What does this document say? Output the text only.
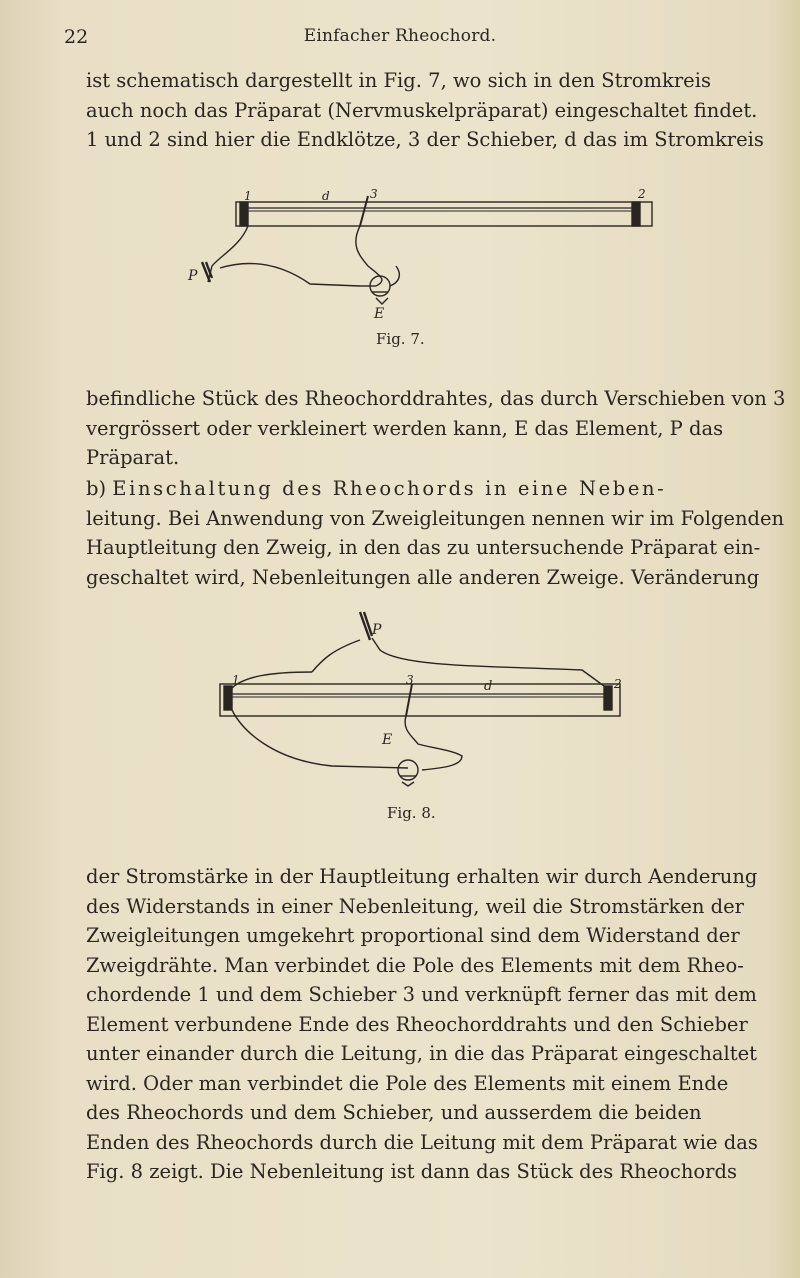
22	Einfacher Rheochord.

ist schematisch dargestellt in Fig. 7, wo sich in den Stromkreis
auch noch das Präparat (Nervmuskelpräparat) eingeschaltet findet.
1 und 2 sind hier die Endklötze, 3 der Schieber, d das im Stromkreis

1	d	3	2
P
E
Fig. 7.

befindliche Stück des Rheochorddrahtes, das durch Verschieben von 3
vergrössert oder verkleinert werden kann, E das Element, P das
Präparat.

b) Einschaltung des Rheochords in eine Neben-
leitung. Bei Anwendung von Zweigleitungen nennen wir im Folgenden
Hauptleitung den Zweig, in den das zu untersuchende Präparat ein-
geschaltet wird, Nebenleitungen alle anderen Zweige. Veränderung

1	3	d	2
P
E
Fig. 8.

der Stromstärke in der Hauptleitung erhalten wir durch Aenderung
des Widerstands in einer Nebenleitung, weil die Stromstärken der
Zweigleitungen umgekehrt proportional sind dem Widerstand der
Zweigdrähte. Man verbindet die Pole des Elements mit dem Rheo-
chordende 1 und dem Schieber 3 und verknüpft ferner das mit dem
Element verbundene Ende des Rheochorddrahts und den Schieber
unter einander durch die Leitung, in die das Präparat eingeschaltet
wird. Oder man verbindet die Pole des Elements mit einem Ende
des Rheochords und dem Schieber, und ausserdem die beiden
Enden des Rheochords durch die Leitung mit dem Präparat wie das
Fig. 8 zeigt. Die Nebenleitung ist dann das Stück des Rheochords
